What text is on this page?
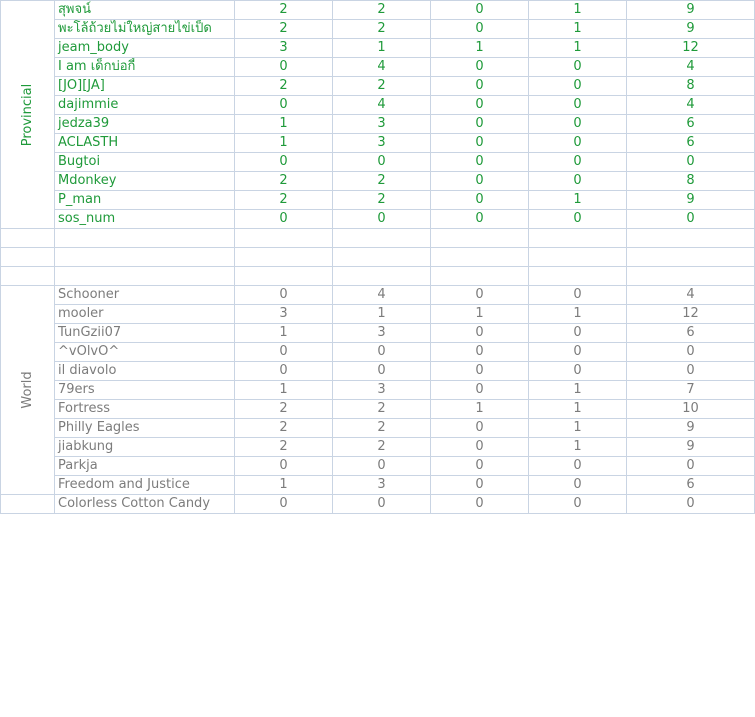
Provincial	สุพจน์	2	2	0	1	9
	พะโล้ถ้วยไม่ใหญ่สายไข่เป็ด	2	2	0	1	9
	jeam_body	3	1	1	1	12
	I am เด็กบ่อกี้	0	4	0	0	4
	[JO][JA]	2	2	0	0	8
	dajimmie	0	4	0	0	4
	jedza39	1	3	0	0	6
	ACLASTH	1	3	0	0	6
	Bugtoi	0	0	0	0	0
	Mdonkey	2	2	0	0	8
	P_man	2	2	0	1	9
	sos_num	0	0	0	0	0

World	Schooner	0	4	0	0	4
	mooler	3	1	1	1	12
	TunGzii07	1	3	0	0	6
	^vOlvO^	0	0	0	0	0
	il diavolo	0	0	0	0	0
	79ers	1	3	0	1	7
	Fortress	2	2	1	1	10
	Philly Eagles	2	2	0	1	9
	jiabkung	2	2	0	1	9
	Parkja	0	0	0	0	0
	Freedom and Justice	1	3	0	0	6
	Colorless Cotton Candy	0	0	0	0	0
